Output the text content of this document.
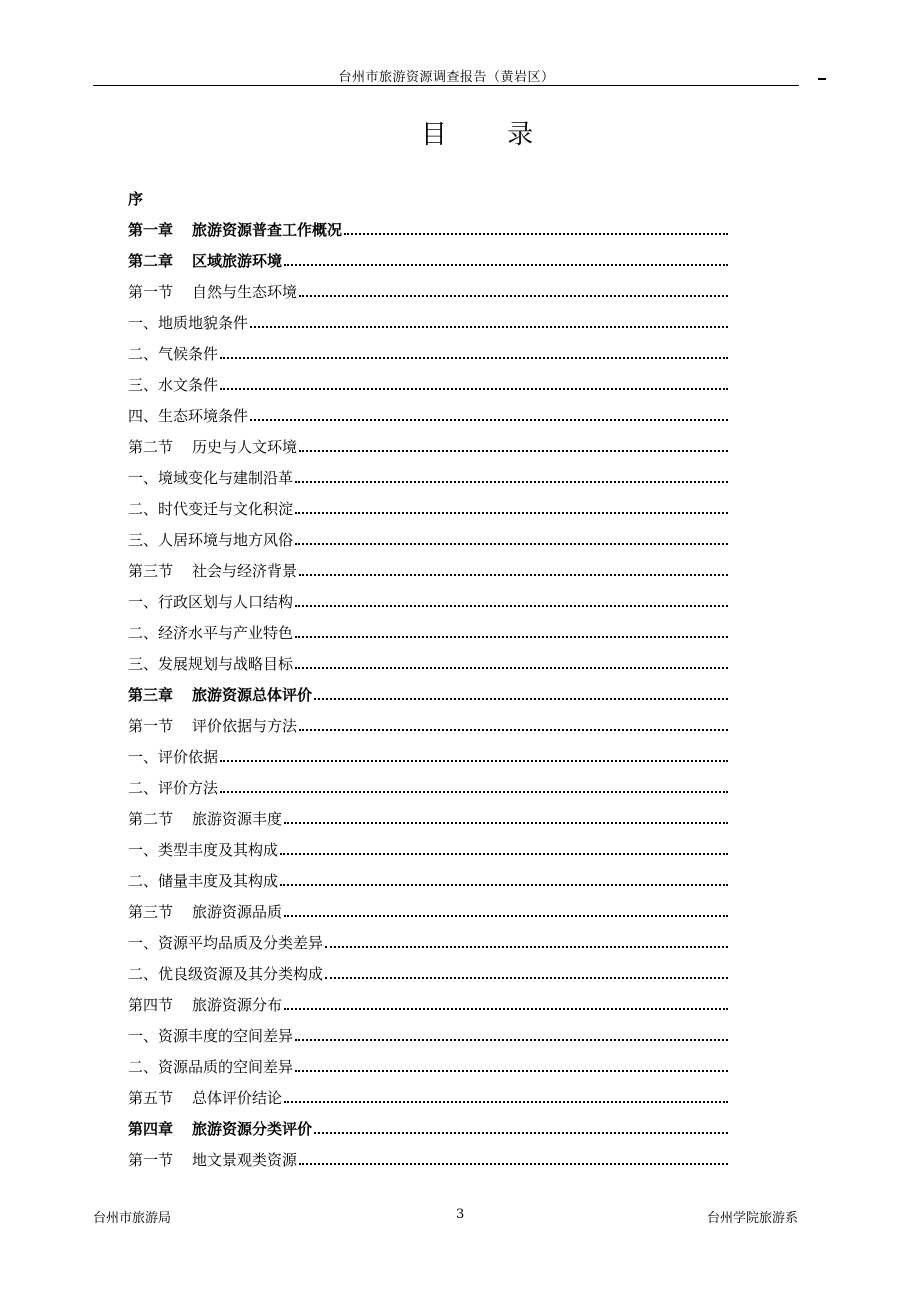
台州市旅游资源调查报告（黄岩区）
目 录
序
第一章	旅游资源普查工作概况
第二章	区域旅游环境
第一节	自然与生态环境
一、地质地貌条件
二、气候条件
三、水文条件
四、生态环境条件
第二节	历史与人文环境
一、境域变化与建制沿革
二、时代变迁与文化积淀
三、人居环境与地方风俗
第三节	社会与经济背景
一、行政区划与人口结构
二、经济水平与产业特色
三、发展规划与战略目标
第三章	旅游资源总体评价
第一节	评价依据与方法
一、评价依据
二、评价方法
第二节	旅游资源丰度
一、类型丰度及其构成
二、储量丰度及其构成
第三节	旅游资源品质
一、资源平均品质及分类差异
二、优良级资源及其分类构成
第四节	旅游资源分布
一、资源丰度的空间差异
二、资源品质的空间差异
第五节	总体评价结论
第四章	旅游资源分类评价
第一节	地文景观类资源
台州市旅游局	3	台州学院旅游系
